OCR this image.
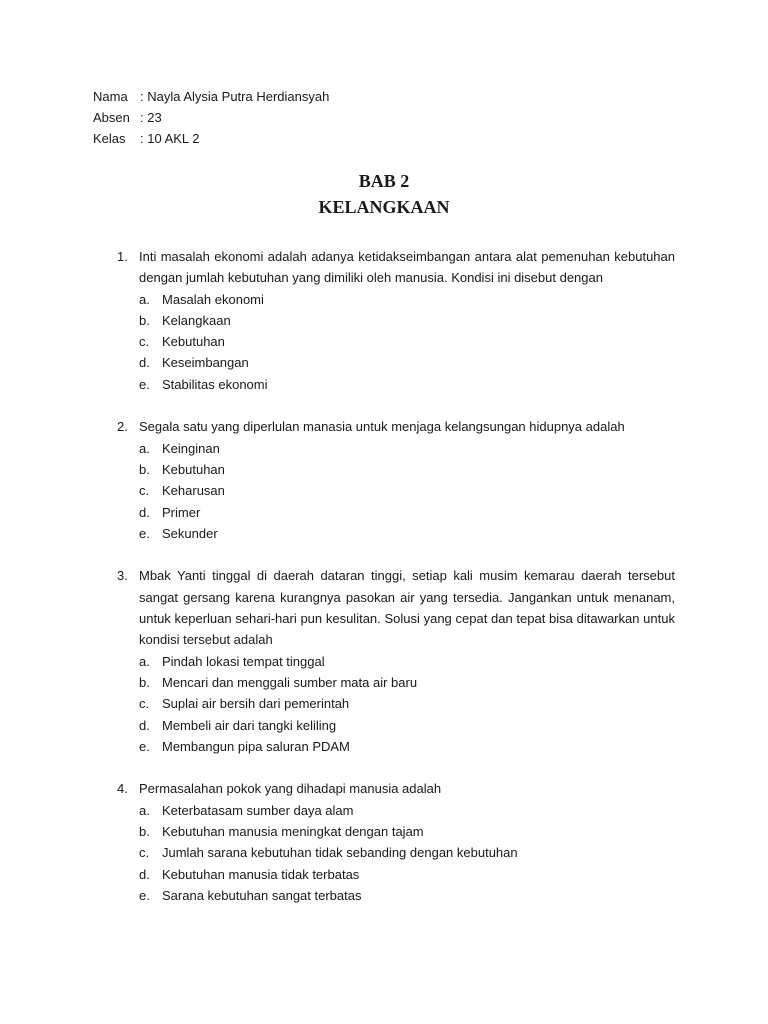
Nama : Nayla Alysia Putra Herdiansyah
Absen : 23
Kelas	: 10 AKL 2
BAB 2
KELANGKAAN
1. Inti masalah ekonomi adalah adanya ketidakseimbangan antara alat pemenuhan kebutuhan dengan jumlah kebutuhan yang dimiliki oleh manusia. Kondisi ini disebut dengan
a. Masalah ekonomi
b. Kelangkaan
c. Kebutuhan
d. Keseimbangan
e. Stabilitas ekonomi
2. Segala satu yang diperlulan manasia untuk menjaga kelangsungan hidupnya adalah
a. Keinginan
b. Kebutuhan
c. Keharusan
d. Primer
e. Sekunder
3. Mbak Yanti tinggal di daerah dataran tinggi, setiap kali musim kemarau daerah tersebut sangat gersang karena kurangnya pasokan air yang tersedia. Jangankan untuk menanam, untuk keperluan sehari-hari pun kesulitan. Solusi yang cepat dan tepat bisa ditawarkan untuk kondisi tersebut adalah
a. Pindah lokasi tempat tinggal
b. Mencari dan menggali sumber mata air baru
c. Suplai air bersih dari pemerintah
d. Membeli air dari tangki keliling
e. Membangun pipa saluran PDAM
4. Permasalahan pokok yang dihadapi manusia adalah
a. Keterbatasam sumber daya alam
b. Kebutuhan manusia meningkat dengan tajam
c. Jumlah sarana kebutuhan tidak sebanding dengan kebutuhan
d. Kebutuhan manusia tidak terbatas
e. Sarana kebutuhan sangat terbatas
